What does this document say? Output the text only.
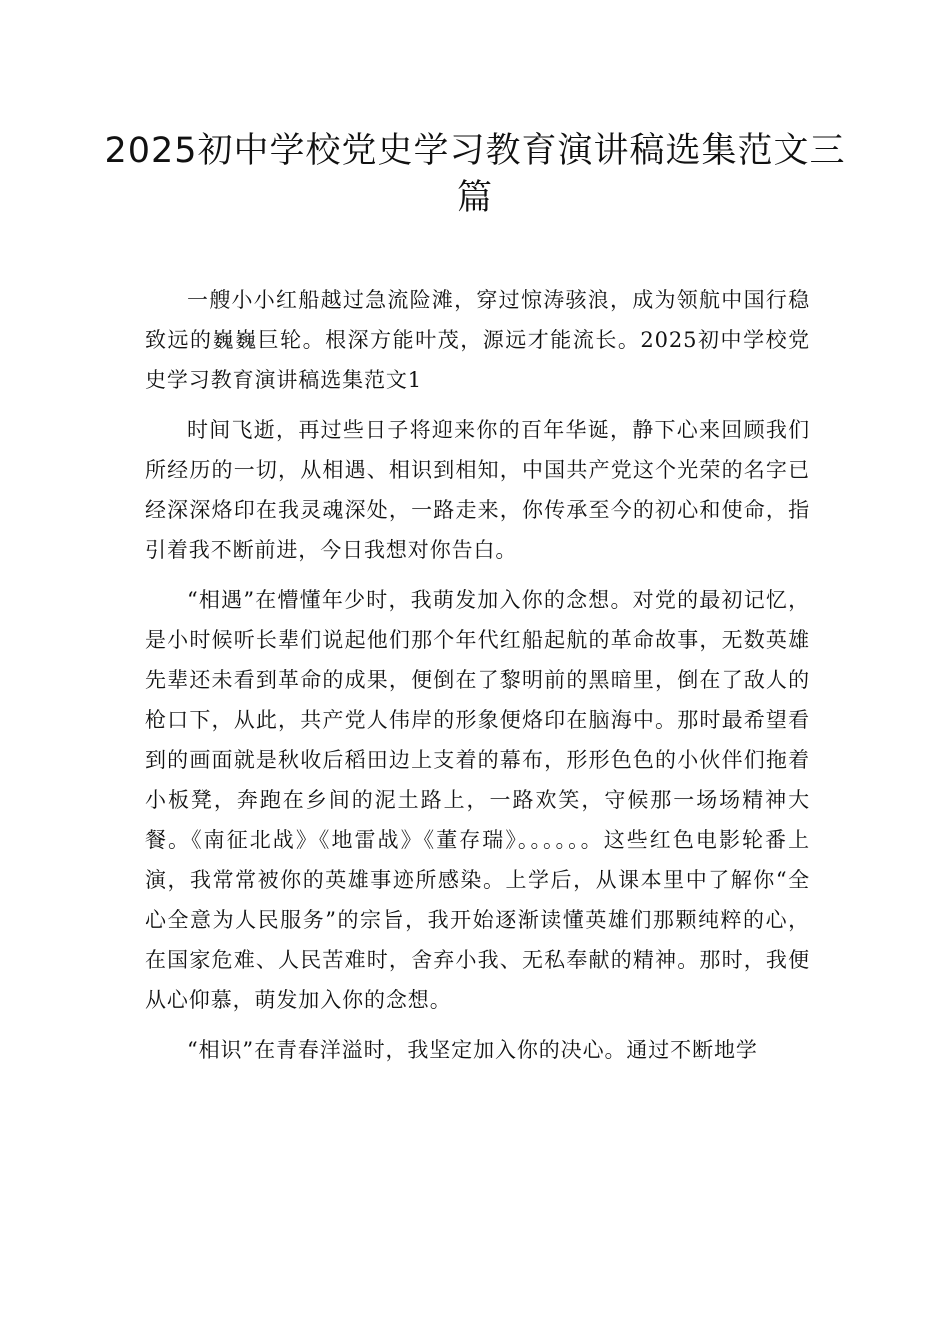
2025初中学校党史学习教育演讲稿选集范文三篇

一艘小小红船越过急流险滩，穿过惊涛骇浪，成为领航中国行稳致远的巍巍巨轮。根深方能叶茂，源远才能流长。2025初中学校党史学习教育演讲稿选集范文1

时间飞逝，再过些日子将迎来你的百年华诞，静下心来回顾我们所经历的一切，从相遇、相识到相知，中国共产党这个光荣的名字已经深深烙印在我灵魂深处，一路走来，你传承至今的初心和使命，指引着我不断前进，今日我想对你告白。

“相遇”在懵懂年少时，我萌发加入你的念想。对党的最初记忆，是小时候听长辈们说起他们那个年代红船起航的革命故事，无数英雄先辈还未看到革命的成果，便倒在了黎明前的黑暗里，倒在了敌人的枪口下，从此，共产党人伟岸的形象便烙印在脑海中。那时最希望看到的画面就是秋收后稻田边上支着的幕布，形形色色的小伙伴们拖着小板凳，奔跑在乡间的泥土路上，一路欢笑，守候那一场场精神大餐。《南征北战》《地雷战》《董存瑞》。。。。。。这些红色电影轮番上演，我常常被你的英雄事迹所感染。上学后，从课本里中了解你“全心全意为人民服务”的宗旨，我开始逐渐读懂英雄们那颗纯粹的心，在国家危难、人民苦难时，舍弃小我、无私奉献的精神。那时，我便从心仰慕，萌发加入你的念想。

“相识”在青春洋溢时，我坚定加入你的决心。通过不断地学
